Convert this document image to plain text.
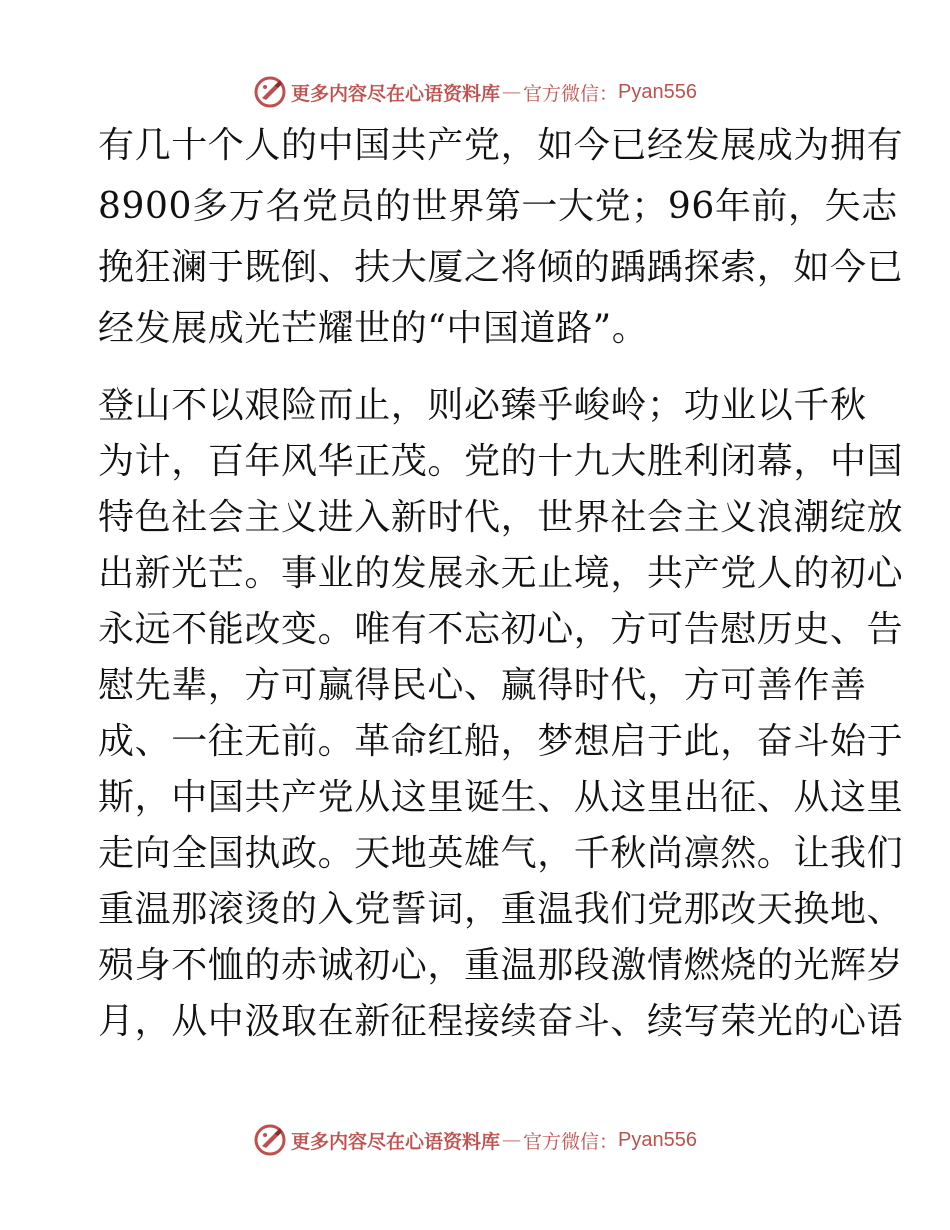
更多内容尽在心语资料库 — 官方微信： Pyan556
有几十个人的中国共产党，如今已经发展成为拥有
8900多万名党员的世界第一大党；96年前，矢志
挽狂澜于既倒、扶大厦之将倾的踽踽探索，如今已
经发展成光芒耀世的“中国道路”。
登山不以艰险而止，则必臻乎峻岭；功业以千秋
为计，百年风华正茂。党的十九大胜利闭幕，中国
特色社会主义进入新时代，世界社会主义浪潮绽放
出新光芒。事业的发展永无止境，共产党人的初心
永远不能改变。唯有不忘初心，方可告慰历史、告
慰先辈，方可赢得民心、赢得时代，方可善作善
成、一往无前。革命红船，梦想启于此，奋斗始于
斯，中国共产党从这里诞生、从这里出征、从这里
走向全国执政。天地英雄气，千秋尚凛然。让我们
重温那滚烫的入党誓词，重温我们党那改天换地、
殒身不恤的赤诚初心，重温那段激情燃烧的光辉岁
月，从中汲取在新征程接续奋斗、续写荣光的心语
更多内容尽在心语资料库 — 官方微信： Pyan556
